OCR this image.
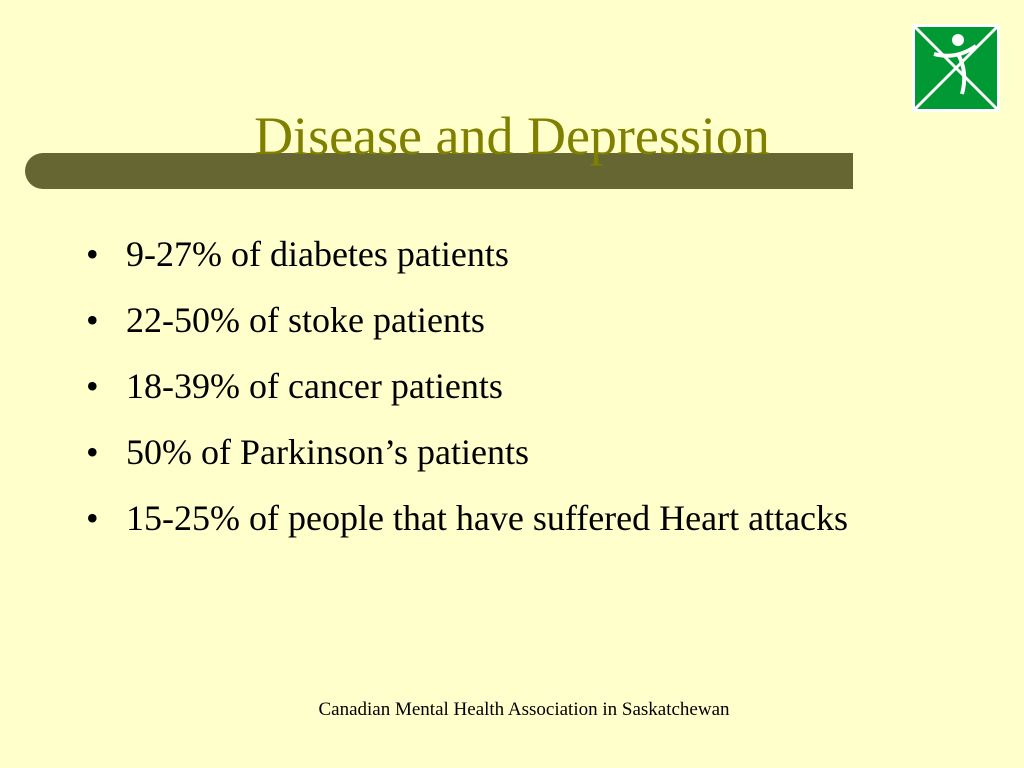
Disease and Depression
• 9-27% of diabetes patients
• 22-50% of stoke patients
• 18-39% of cancer patients
• 50% of Parkinson’s patients
• 15-25% of people that have suffered Heart attacks

Canadian Mental Health Association in Saskatchewan
